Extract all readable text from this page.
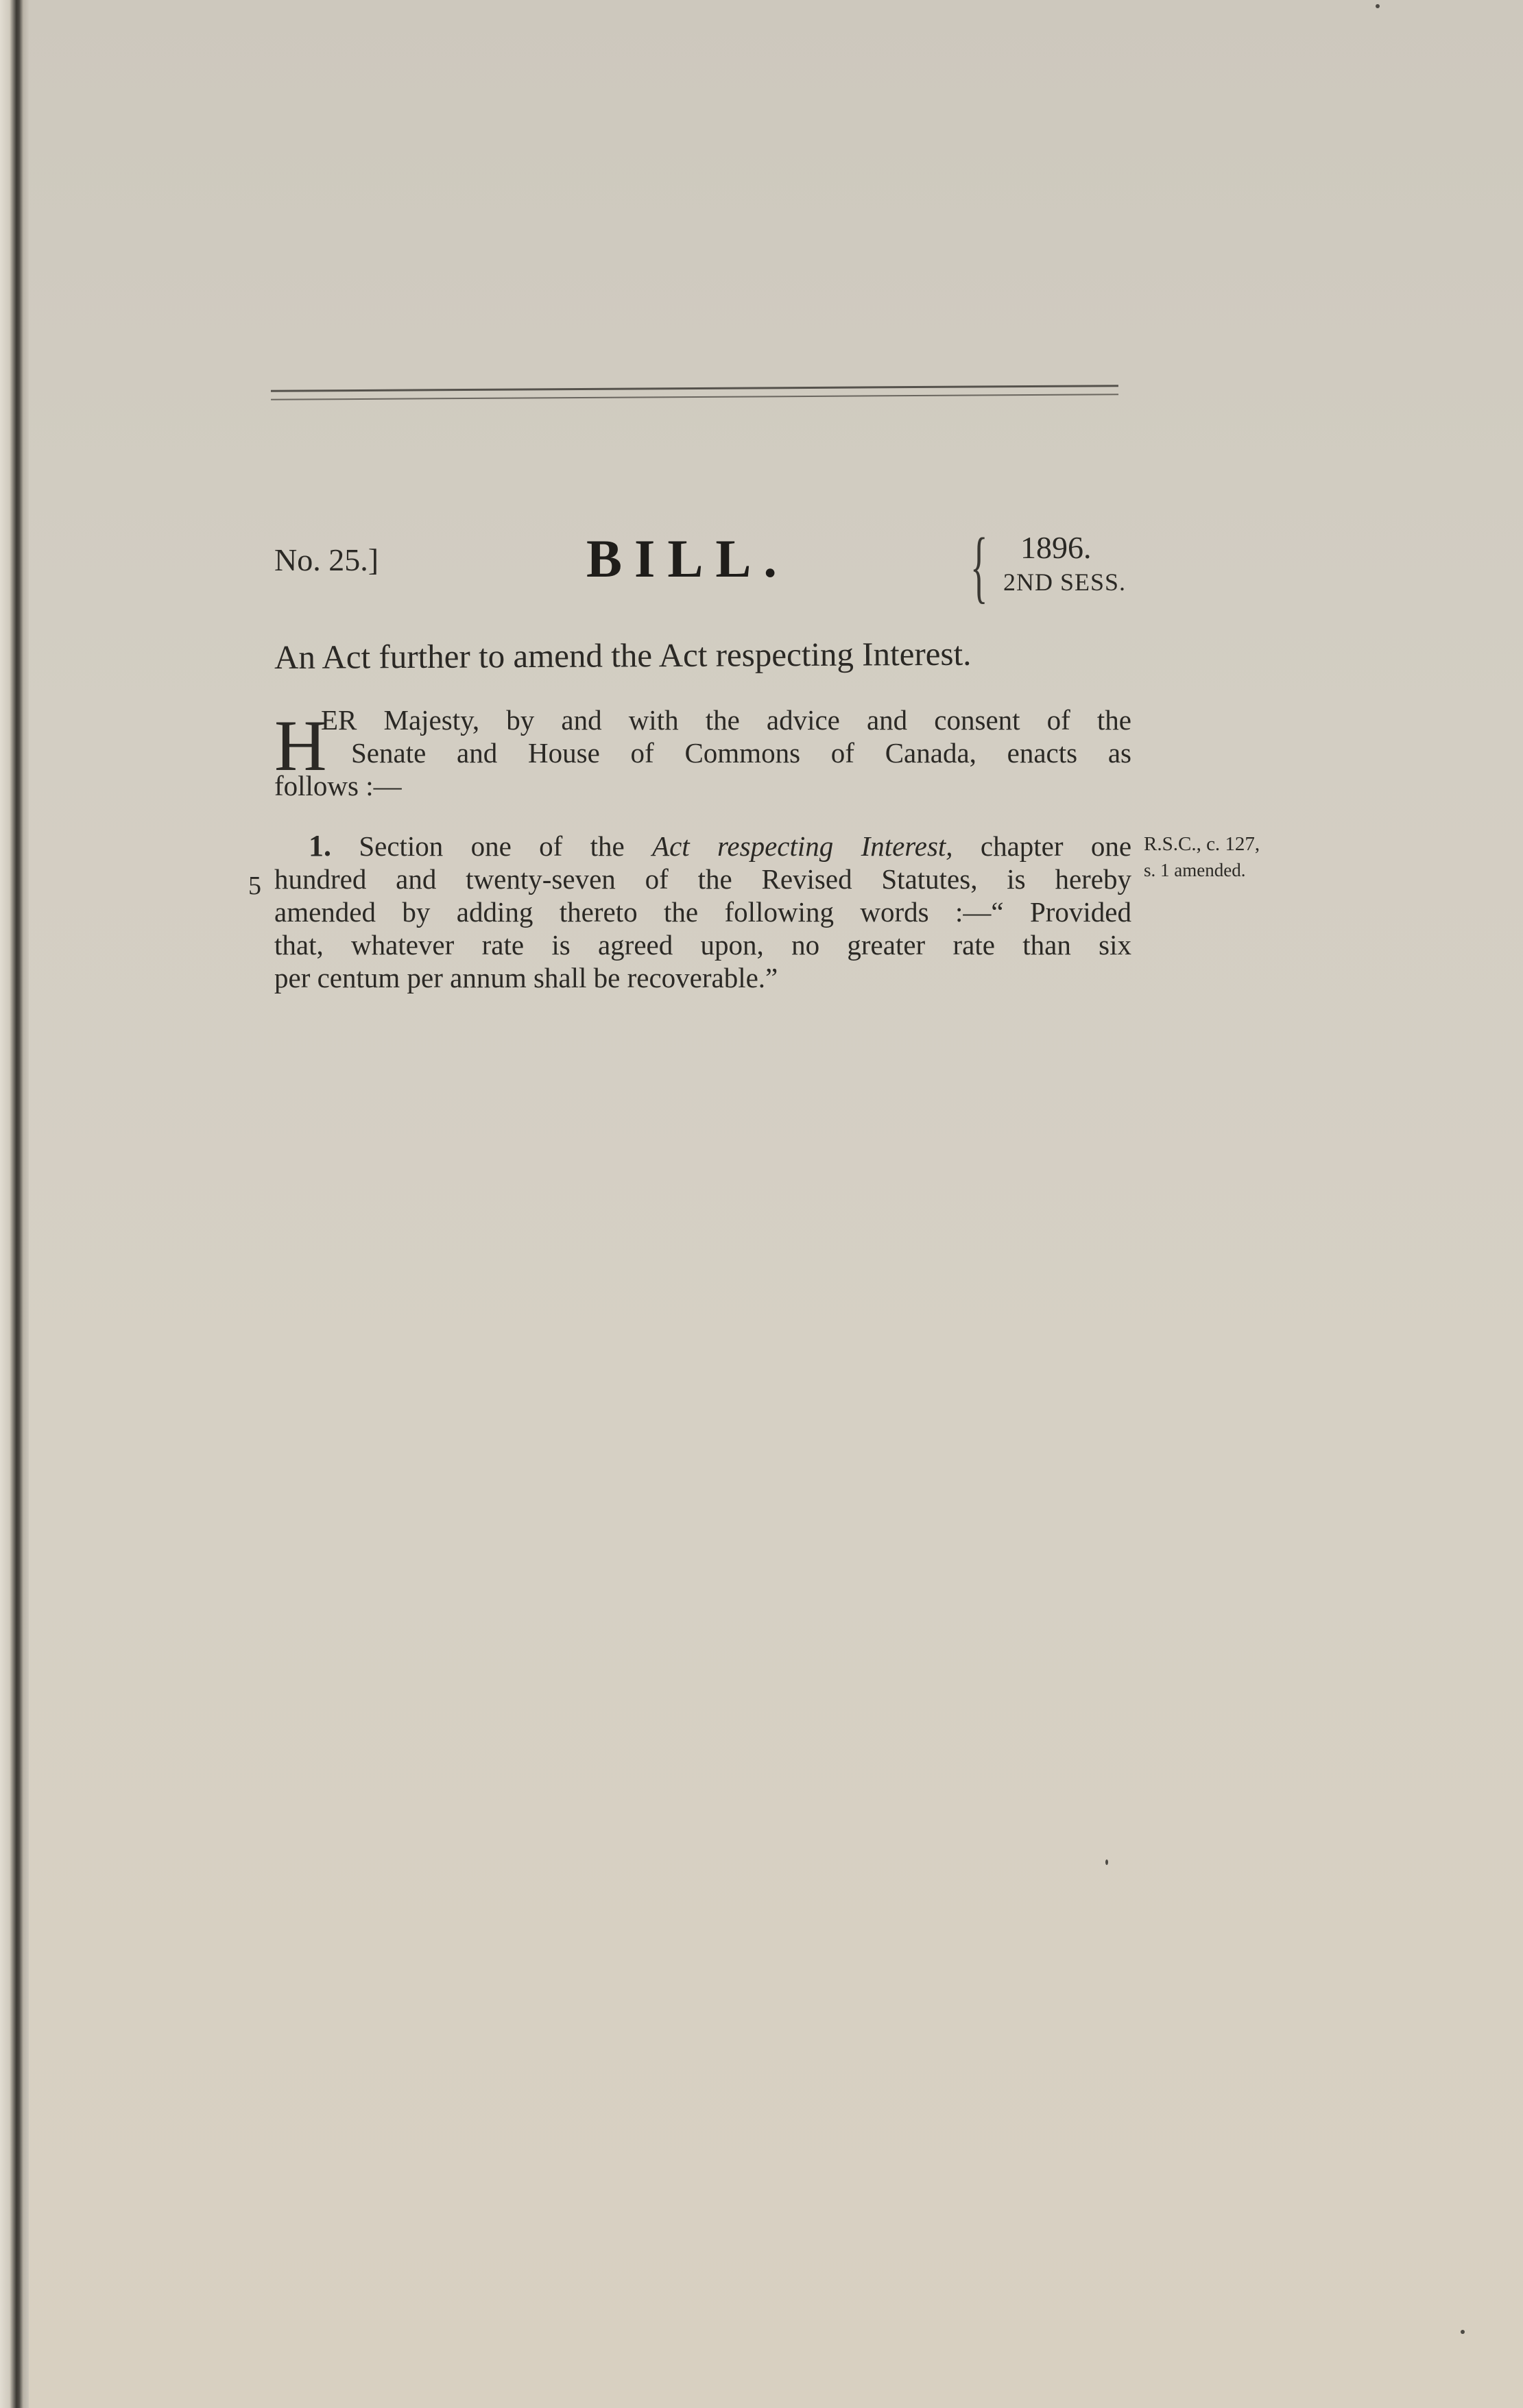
No. 25.]	BILL. { 1896.
2ND SESS.
An Act further to amend the Act respecting Interest.
H
ER Majesty, by and with the advice and consent of the
Senate and House of Commons of Canada, enacts as
follows :—
1. Section one of the Act respecting Interest, chapter one
hundred and twenty-seven of the Revised Statutes, is hereby
amended by adding thereto the following words :—“ Provided
that, whatever rate is agreed upon, no greater rate than six
per centum per annum shall be recoverable.”
5
R.S.C., c. 127,
s. 1 amended.
